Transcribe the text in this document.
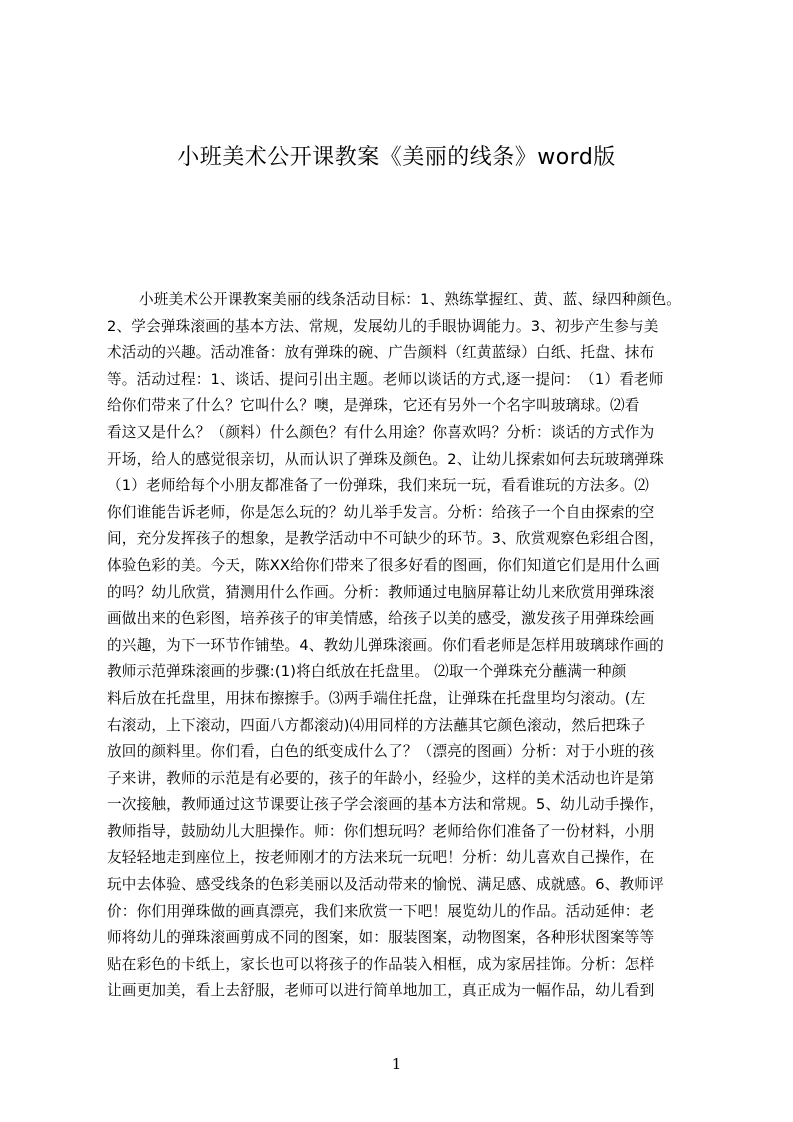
小班美术公开课教案《美丽的线条》word版
小班美术公开课教案美丽的线条活动目标：1、熟练掌握红、黄、蓝、绿四种颜色。
2、学会弹珠滚画的基本方法、常规，发展幼儿的手眼协调能力。3、初步产生参与美
术活动的兴趣。活动准备：放有弹珠的碗、广告颜料（红黄蓝绿）白纸、托盘、抹布
等。活动过程：1、谈话、提问引出主题。老师以谈话的方式,逐一提问：　（1）看老师
给你们带来了什么？它叫什么？噢，是弹珠，它还有另外一个名字叫玻璃球。⑵看
看这又是什么？（颜料）什么颜色？有什么用途？你喜欢吗？分析：谈话的方式作为
开场，给人的感觉很亲切，从而认识了弹珠及颜色。2、让幼儿探索如何去玩玻璃弹珠
（1）老师给每个小朋友都准备了一份弹珠，我们来玩一玩，看看谁玩的方法多。⑵
你们谁能告诉老师，你是怎么玩的？幼儿举手发言。分析：给孩子一个自由探索的空
间，充分发挥孩子的想象，是教学活动中不可缺少的环节。3、欣赏观察色彩组合图，
体验色彩的美。今天，陈XX给你们带来了很多好看的图画，你们知道它们是用什么画
的吗？幼儿欣赏，猜测用什么作画。分析：教师通过电脑屏幕让幼儿来欣赏用弹珠滚
画做出来的色彩图，培养孩子的审美情感，给孩子以美的感受，激发孩子用弹珠绘画
的兴趣，为下一环节作铺垫。4、教幼儿弹珠滚画。你们看老师是怎样用玻璃球作画的
教师示范弹珠滚画的步骤:(1)将白纸放在托盘里。 ⑵取一个弹珠充分蘸满一种颜
料后放在托盘里，用抹布擦擦手。⑶两手端住托盘，让弹珠在托盘里均匀滚动。(左
右滚动，上下滚动，四面八方都滚动)⑷用同样的方法蘸其它颜色滚动，然后把珠子
放回的颜料里。你们看，白色的纸变成什么了？（漂亮的图画）分析：对于小班的孩
子来讲，教师的示范是有必要的，孩子的年龄小，经验少，这样的美术活动也许是第
一次接触，教师通过这节课要让孩子学会滚画的基本方法和常规。5、幼儿动手操作，
教师指导，鼓励幼儿大胆操作。师：你们想玩吗？老师给你们准备了一份材料，小朋
友轻轻地走到座位上，按老师刚才的方法来玩一玩吧！分析：幼儿喜欢自己操作，在
玩中去体验、感受线条的色彩美丽以及活动带来的愉悦、满足感、成就感。6、教师评
价：你们用弹珠做的画真漂亮，我们来欣赏一下吧！展览幼儿的作品。活动延伸：老
师将幼儿的弹珠滚画剪成不同的图案，如：服装图案，动物图案，各种形状图案等等
贴在彩色的卡纸上，家长也可以将孩子的作品装入相框，成为家居挂饰。分析：怎样
让画更加美，看上去舒服，老师可以进行简单地加工，真正成为一幅作品，幼儿看到
1
